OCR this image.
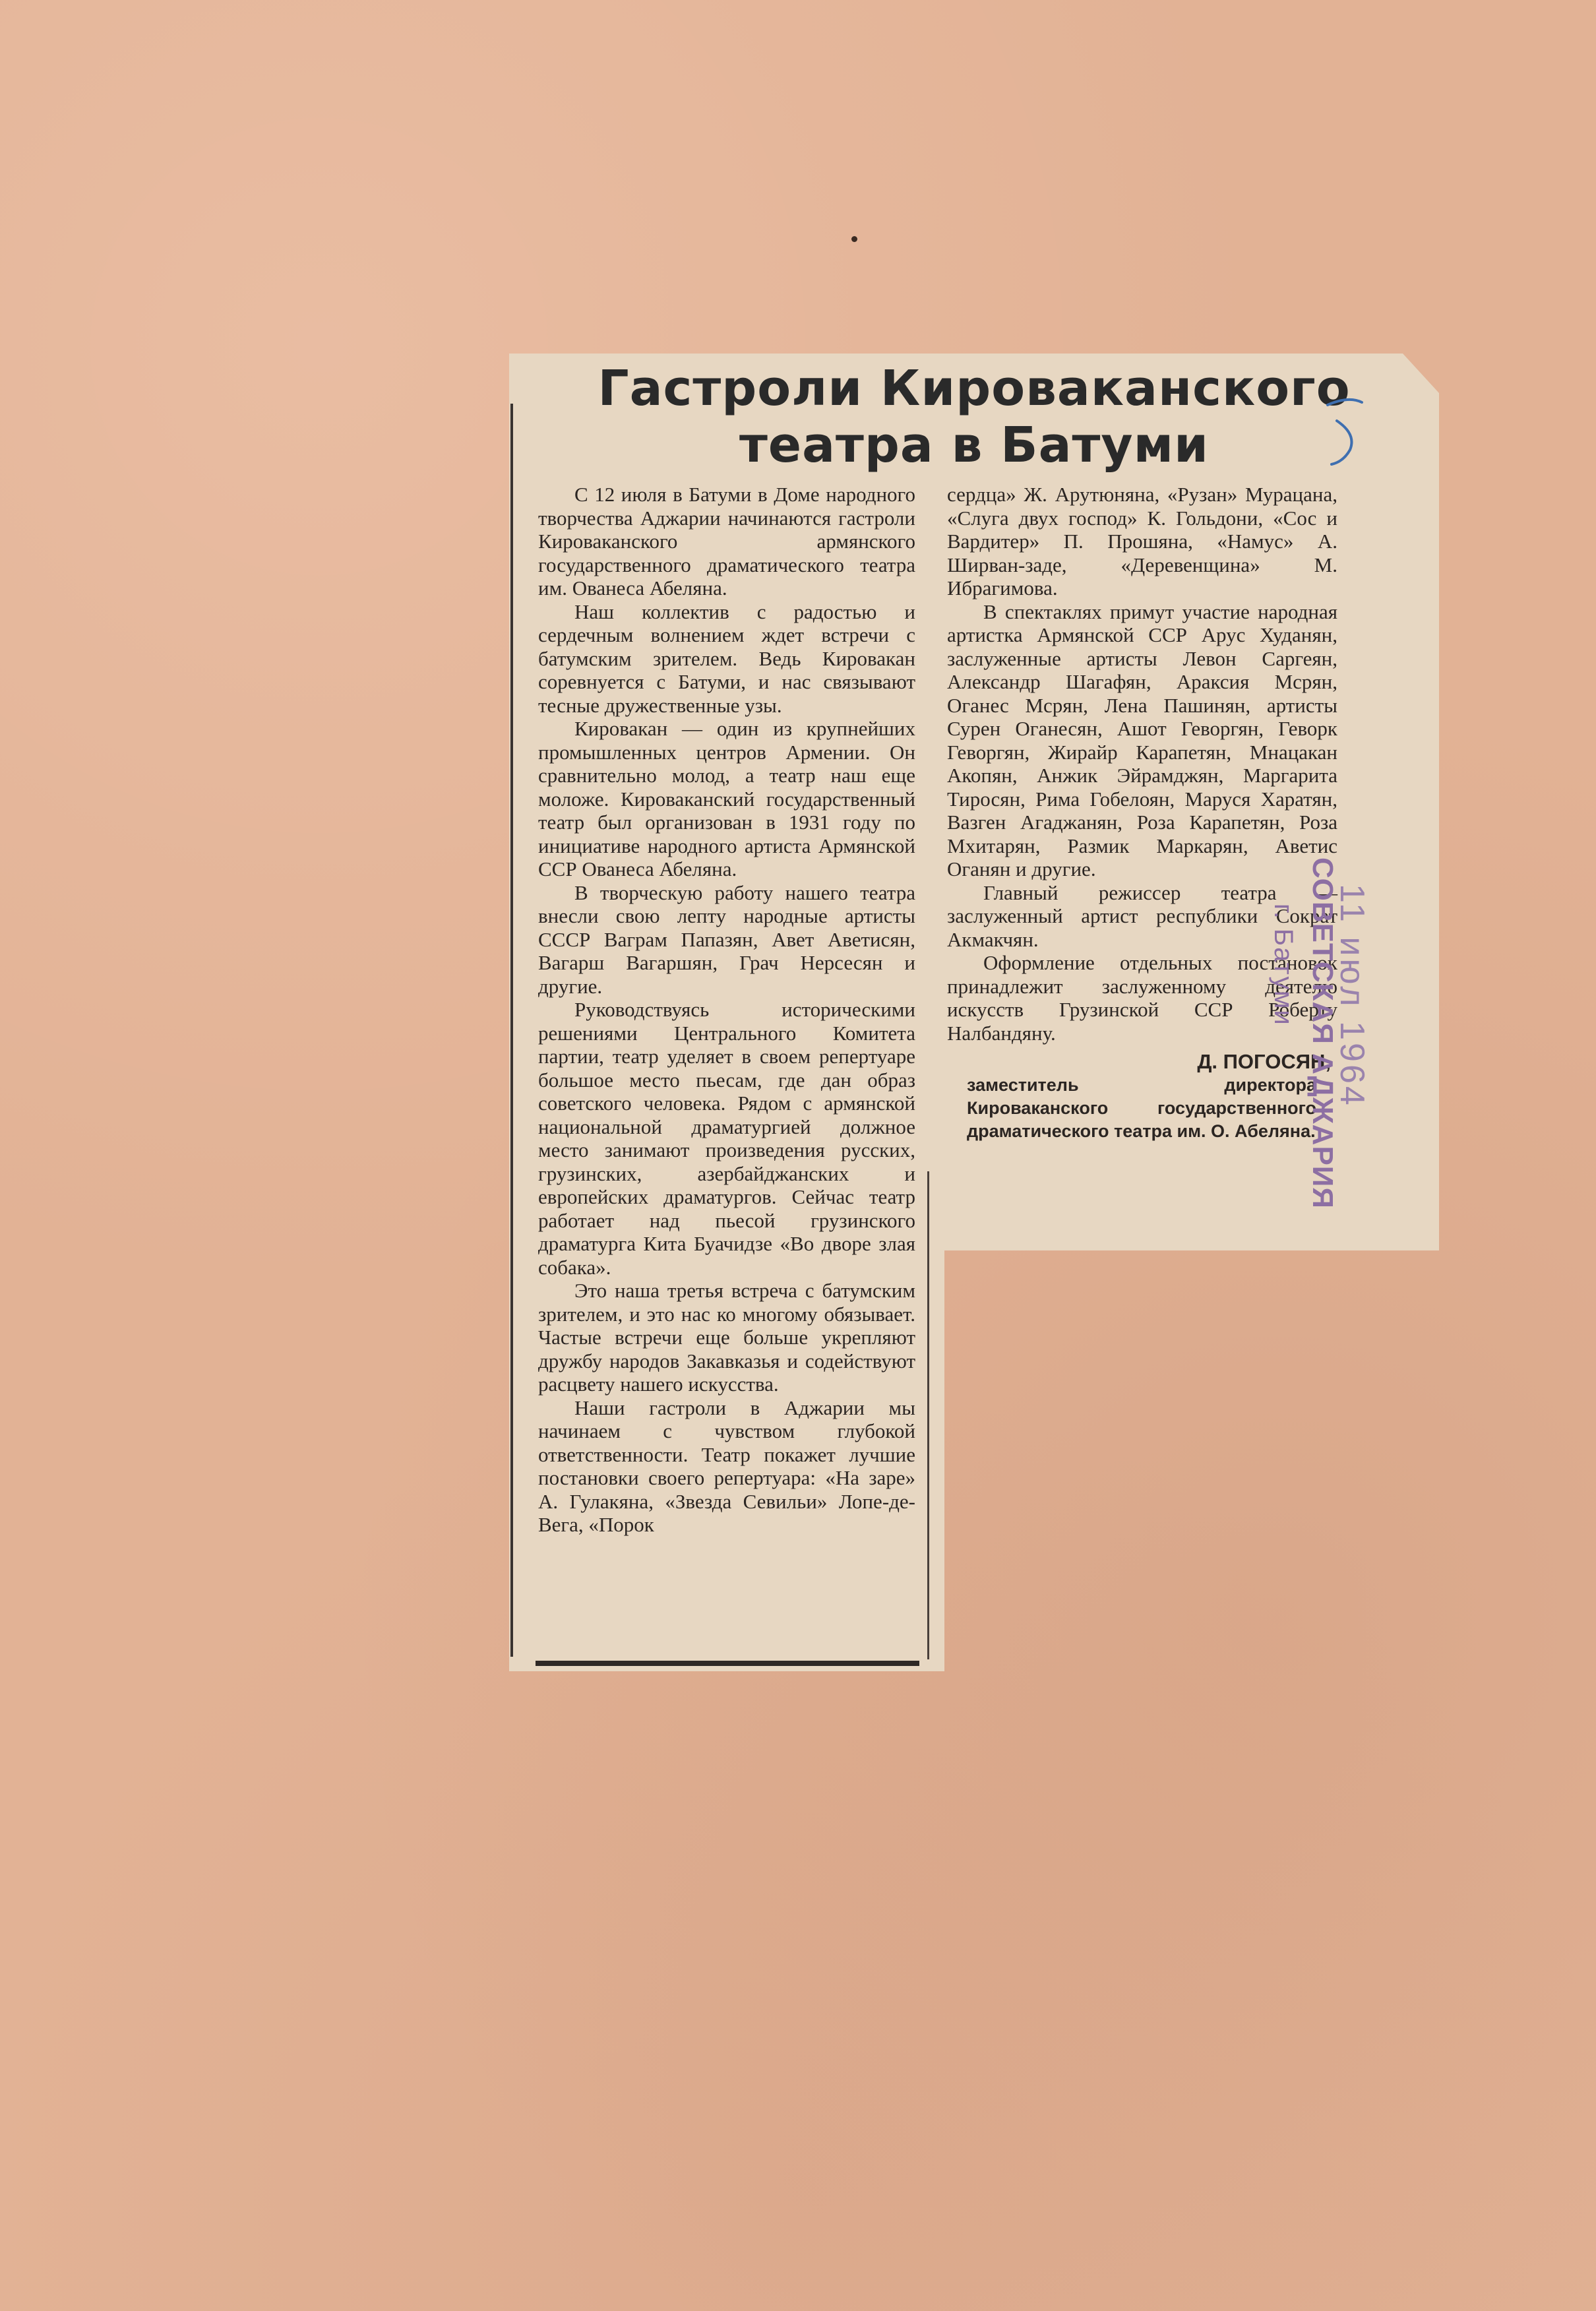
Гастроли Кироваканского
театра в Батуми

С 12 июля в Батуми в Доме народного творчества Аджарии начинаются гастроли Кироваканского армянского государственного драматического театра им. Ованеса Абеляна.

Наш коллектив с радостью и сердечным волнением ждет встречи с батумским зрителем. Ведь Кировакан соревнуется с Батуми, и нас связывают тесные дружественные узы.

Кировакан — один из крупнейших промышленных центров Армении. Он сравнительно молод, а театр наш еще моложе. Кироваканский государственный театр был организован в 1931 году по инициативе народного артиста Армянской ССР Ованеса Абеляна.

В творческую работу нашего театра внесли свою лепту народные артисты СССР Ваграм Папазян, Авет Аветисян, Вагарш Вагаршян, Грач Нерсесян и другие.

Руководствуясь историческими решениями Центрального Комитета партии, театр уделяет в своем репертуаре большое место пьесам, где дан образ советского человека. Рядом с армянской национальной драматургией должное место занимают произведения русских, грузинских, азербайджанских и европейских драматургов. Сейчас театр работает над пьесой грузинского драматурга Кита Буачидзе «Во дворе злая собака».

Это наша третья встреча с батумским зрителем, и это нас ко многому обязывает. Частые встречи еще больше укрепляют дружбу народов Закавказья и содействуют расцвету нашего искусства.

Наши гастроли в Аджарии мы начинаем с чувством глубокой ответственности. Театр покажет лучшие постановки своего репертуара: «На заре» А. Гулакяна, «Звезда Севильи» Лопе-де-Вега, «Порок

сердца» Ж. Арутюняна, «Рузан» Мурацана, «Слуга двух господ» К. Гольдони, «Сос и Вардитер» П. Прошяна, «Намус» А. Ширван-заде, «Деревенщина» М. Ибрагимова.

В спектаклях примут участие народная артистка Армянской ССР Арус Худанян, заслуженные артисты Левон Саргеян, Александр Шагафян, Араксия Мсрян, Оганес Мсрян, Лена Пашинян, артисты Сурен Оганесян, Ашот Геворгян, Геворк Геворгян, Жирайр Карапетян, Мнацакан Акопян, Анжик Эйрамджян, Маргарита Тиросян, Рима Гобелоян, Маруся Харатян, Вазген Агаджанян, Роза Карапетян, Роза Мхитарян, Размик Маркарян, Аветис Оганян и другие.

Главный режиссер театра — заслуженный артист республики Сократ Акмакчян.

Оформление отдельных постановок принадлежит заслуженному деятелю искусств Грузинской ССР Роберту Налбандяну.

Д. ПОГОСЯН,
заместитель директора Кироваканского государственного драматического театра им. О. Абеляна.
СОВЕТСКАЯ АДЖАРИЯ
г. Батуми 11 июл 1964
